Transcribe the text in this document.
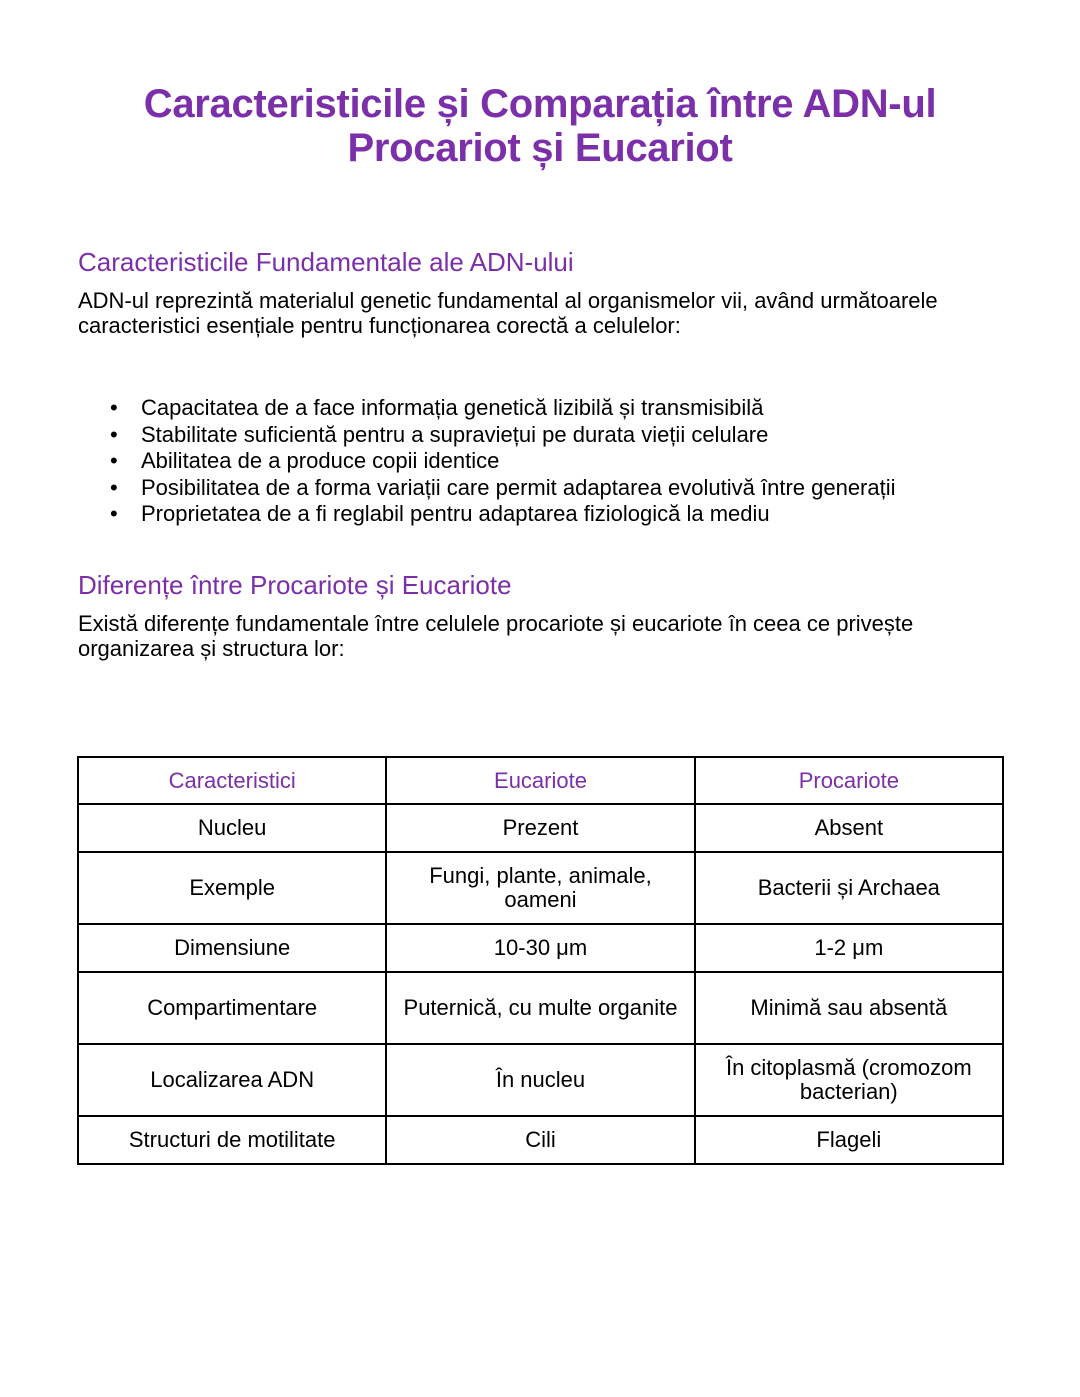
Caracteristicile și Comparația între ADN-ul Procariot și Eucariot
Caracteristicile Fundamentale ale ADN-ului

ADN-ul reprezintă materialul genetic fundamental al organismelor vii, având următoarele caracteristici esențiale pentru funcționarea corectă a celulelor:

• Capacitatea de a face informația genetică lizibilă și transmisibilă
• Stabilitate suficientă pentru a supraviețui pe durata vieții celulare
• Abilitatea de a produce copii identice
• Posibilitatea de a forma variații care permit adaptarea evolutivă între generații
• Proprietatea de a fi reglabil pentru adaptarea fiziologică la mediu
Diferențe între Procariote și Eucariote

Există diferențe fundamentale între celulele procariote și eucariote în ceea ce privește organizarea și structura lor:

Caracteristici	Eucariote	Procariote
Nucleu	Prezent	Absent
Exemple	Fungi, plante, animale, oameni	Bacterii și Archaea
Dimensiune	10-30 μm	1-2 μm
Compartimentare	Puternică, cu multe organite	Minimă sau absentă
Localizarea ADN	În nucleu	În citoplasmă (cromozom bacterian)
Structuri de motilitate	Cili	Flageli
